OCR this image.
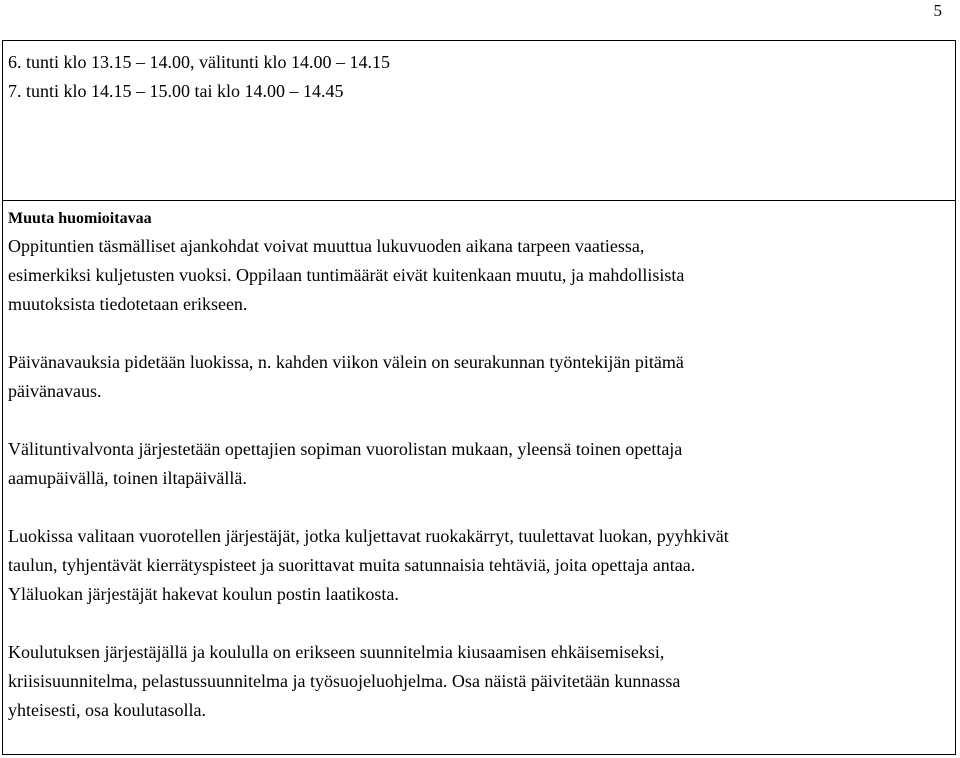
5
6. tunti klo 13.15 – 14.00, välitunti klo 14.00 – 14.15
7. tunti klo 14.15 – 15.00 tai klo 14.00 – 14.45
Muuta huomioitavaa
Oppituntien täsmälliset ajankohdat voivat muuttua lukuvuoden aikana tarpeen vaatiessa,
esimerkiksi kuljetusten vuoksi. Oppilaan tuntimäärät eivät kuitenkaan muutu, ja mahdollisista
muutoksista tiedotetaan erikseen.
Päivänavauksia pidetään luokissa, n. kahden viikon välein on seurakunnan työntekijän pitämä
päivänavaus.
Välituntivalvonta järjestetään opettajien sopiman vuorolistan mukaan, yleensä toinen opettaja
aamupäivällä, toinen iltapäivällä.
Luokissa valitaan vuorotellen järjestäjät, jotka kuljettavat ruokakärryt, tuulettavat luokan, pyyhkivät
taulun, tyhjentävät kierrätyspisteet ja suorittavat muita satunnaisia tehtäviä, joita opettaja antaa.
Yläluokan järjestäjät hakevat koulun postin laatikosta.
Koulutuksen järjestäjällä ja koululla on erikseen suunnitelmia kiusaamisen ehkäisemiseksi,
kriisisuunnitelma, pelastussuunnitelma ja työsuojeluohjelma. Osa näistä päivitetään kunnassa
yhteisesti, osa koulutasolla.
